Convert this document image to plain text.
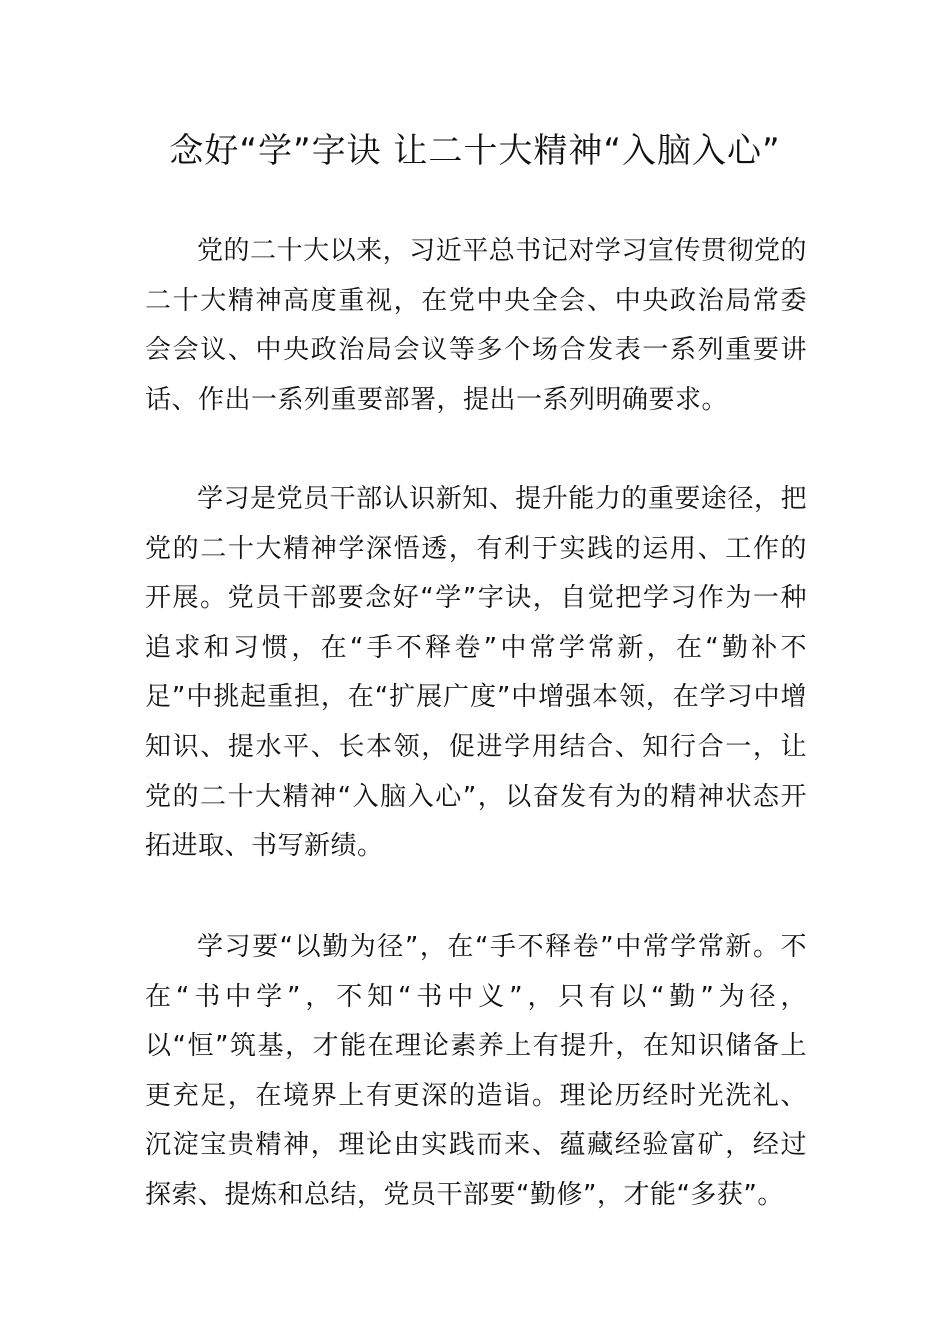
念好“学”字诀 让二十大精神“入脑入心”

党的二十大以来，习近平总书记对学习宣传贯彻党的二十大精神高度重视，在党中央全会、中央政治局常委会会议、中央政治局会议等多个场合发表一系列重要讲话、作出一系列重要部署，提出一系列明确要求。

学习是党员干部认识新知、提升能力的重要途径，把党的二十大精神学深悟透，有利于实践的运用、工作的开展。党员干部要念好“学”字诀，自觉把学习作为一种追求和习惯，在“手不释卷”中常学常新，在“勤补不足”中挑起重担，在“扩展广度”中增强本领，在学习中增知识、提水平、长本领，促进学用结合、知行合一，让党的二十大精神“入脑入心”，以奋发有为的精神状态开拓进取、书写新绩。

学习要“以勤为径”，在“手不释卷”中常学常新。不在“书中学”，不知“书中义”，只有以“勤”为径，以“恒”筑基，才能在理论素养上有提升，在知识储备上更充足，在境界上有更深的造诣。理论历经时光洗礼、沉淀宝贵精神，理论由实践而来、蕴藏经验富矿，经过探索、提炼和总结，党员干部要“勤修”，才能“多获”。
